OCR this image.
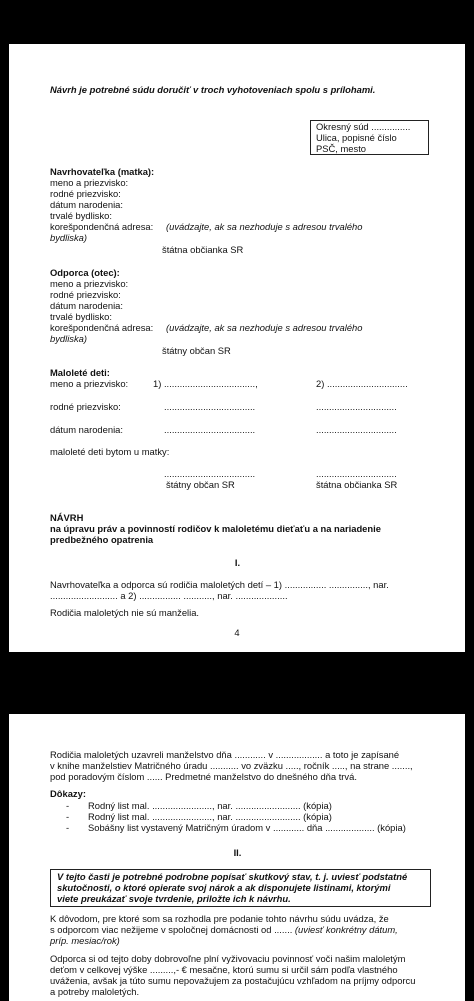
Návrh je potrebné súdu doručiť v troch vyhotoveniach spolu s prílohami.
Okresný súd ...............
Ulica, popisné číslo
PSČ, mesto
Navrhovateľka (matka):
meno a priezvisko:
rodné priezvisko:
dátum narodenia:
trvalé bydlisko:
korešpondenčná adresa: (uvádzajte, ak sa nezhoduje s adresou trvalého
bydliska)
štátna občianka SR
Odporca (otec):
meno a priezvisko:
rodné priezvisko:
dátum narodenia:
trvalé bydlisko:
korešpondenčná adresa: (uvádzajte, ak sa nezhoduje s adresou trvalého
bydliska)
štátny občan SR
Maloleté deti:
meno a priezvisko:	1) ...................................,	2) ...............................
rodné priezvisko:	...................................	...............................
dátum narodenia:	...................................	...............................
maloleté deti bytom u matky:
...................................	...............................
štátny občan SR	štátna občianka SR
NÁVRH
na úpravu práv a povinností rodičov k maloletému dieťaťu a na nariadenie
predbežného opatrenia
I.
Navrhovateľka a odporca sú rodičia maloletých detí – 1) ................ ..............., nar.
.......................... a 2) ................ ..........., nar. ....................
Rodičia maloletých nie sú manželia.
4
Rodičia maloletých uzavreli manželstvo dňa ............ v .................. a toto je zapísané
v knihe manželstiev Matričného úradu ........... vo zväzku ....., ročník ....., na strane .......,
pod poradovým číslom ...... Predmetné manželstvo do dnešného dňa trvá.
Dôkazy:
- Rodný list mal. ......................., nar. ......................... (kópia)
- Rodný list mal. ......................., nar. ......................... (kópia)
- Sobášny list vystavený Matričným úradom v ............ dňa ................... (kópia)
II.
V tejto časti je potrebné podrobne popísať skutkový stav, t. j. uviesť podstatné
skutočnosti, o ktoré opierate svoj nárok a ak disponujete listinami, ktorými
viete preukázať svoje tvrdenie, priložte ich k návrhu.
K dôvodom, pre ktoré som sa rozhodla pre podanie tohto návrhu súdu uvádza, že
s odporcom viac nežijeme v spoločnej domácnosti od ....... (uviesť konkrétny dátum,
príp. mesiac/rok)
Odporca si od tejto doby dobrovoľne plní vyživovaciu povinnosť voči našim maloletým
deťom v celkovej výške .........,- € mesačne, ktorú sumu si určil sám podľa vlastného
uváženia, avšak ja túto sumu nepovažujem za postačujúcu vzhľadom na príjmy odporcu
a potreby maloletých.
